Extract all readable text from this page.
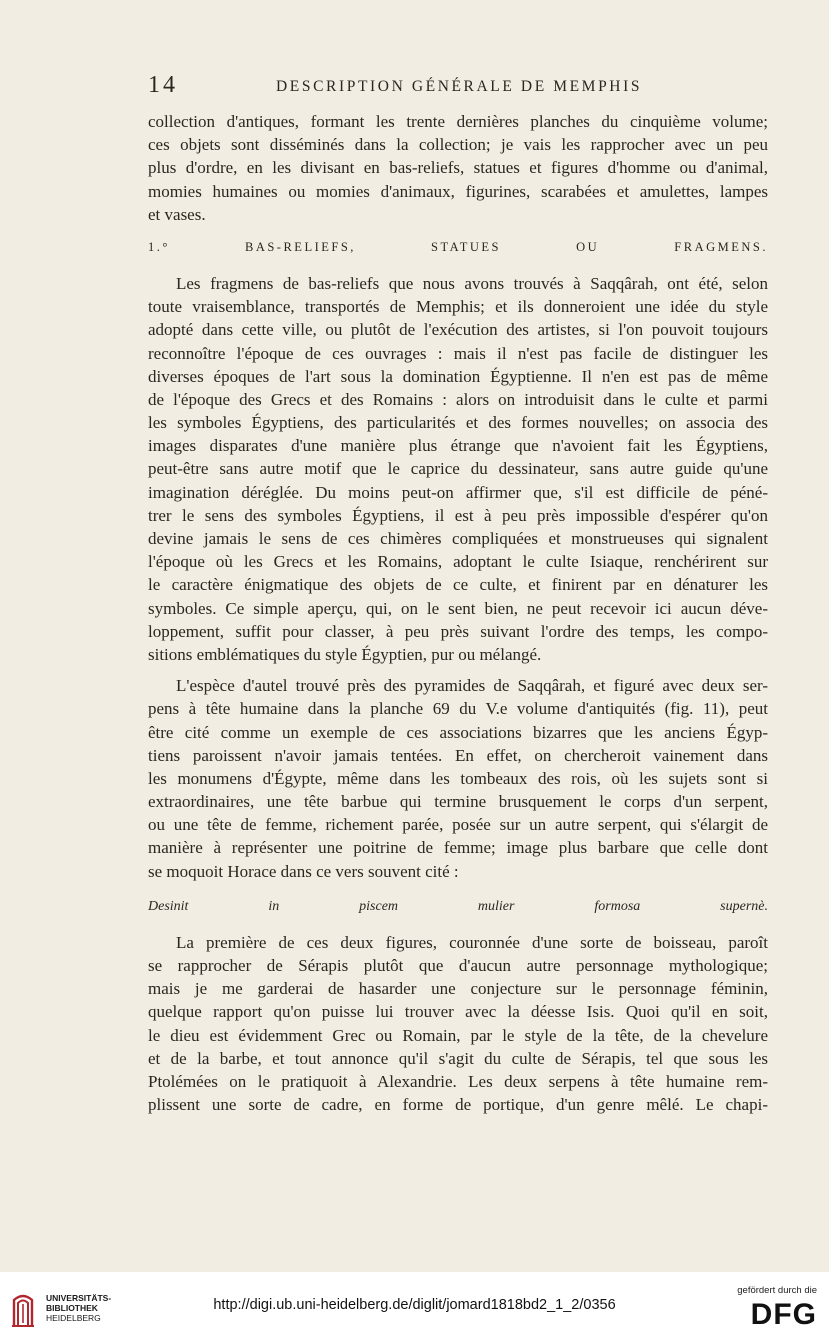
14	DESCRIPTION GÉNÉRALE DE MEMPHIS
collection d'antiques, formant les trente dernières planches du cinquième volume;
ces objets sont disséminés dans la collection; je vais les rapprocher avec un peu
plus d'ordre, en les divisant en bas-reliefs, statues et figures d'homme ou d'animal,
momies humaines ou momies d'animaux, figurines, scarabées et amulettes, lampes
et vases.
1.° BAS-RELIEFS, STATUES OU FRAGMENS.
Les fragmens de bas-reliefs que nous avons trouvés à Saqqârah, ont été, selon
toute vraisemblance, transportés de Memphis; et ils donneroient une idée du style
adopté dans cette ville, ou plutôt de l'exécution des artistes, si l'on pouvoit toujours
reconnoître l'époque de ces ouvrages : mais il n'est pas facile de distinguer les
diverses époques de l'art sous la domination Égyptienne. Il n'en est pas de même
de l'époque des Grecs et des Romains : alors on introduisit dans le culte et parmi
les symboles Égyptiens, des particularités et des formes nouvelles; on associa des
images disparates d'une manière plus étrange que n'avoient fait les Égyptiens,
peut-être sans autre motif que le caprice du dessinateur, sans autre guide qu'une
imagination déréglée. Du moins peut-on affirmer que, s'il est difficile de péné-
trer le sens des symboles Égyptiens, il est à peu près impossible d'espérer qu'on
devine jamais le sens de ces chimères compliquées et monstrueuses qui signalent
l'époque où les Grecs et les Romains, adoptant le culte Isiaque, renchérirent sur
le caractère énigmatique des objets de ce culte, et finirent par en dénaturer les
symboles. Ce simple aperçu, qui, on le sent bien, ne peut recevoir ici aucun déve-
loppement, suffit pour classer, à peu près suivant l'ordre des temps, les compo-
sitions emblématiques du style Égyptien, pur ou mélangé.
L'espèce d'autel trouvé près des pyramides de Saqqârah, et figuré avec deux ser-
pens à tête humaine dans la planche 69 du V.e volume d'antiquités (fig. 11), peut
être cité comme un exemple de ces associations bizarres que les anciens Égyp-
tiens paroissent n'avoir jamais tentées. En effet, on chercheroit vainement dans
les monumens d'Égypte, même dans les tombeaux des rois, où les sujets sont si
extraordinaires, une tête barbue qui termine brusquement le corps d'un serpent,
ou une tête de femme, richement parée, posée sur un autre serpent, qui s'élargit de
manière à représenter une poitrine de femme; image plus barbare que celle dont
se moquoit Horace dans ce vers souvent cité :
Desinit in piscem mulier formosa supernè.
La première de ces deux figures, couronnée d'une sorte de boisseau, paroît
se rapprocher de Sérapis plutôt que d'aucun autre personnage mythologique;
mais je me garderai de hasarder une conjecture sur le personnage féminin,
quelque rapport qu'on puisse lui trouver avec la déesse Isis. Quoi qu'il en soit,
le dieu est évidemment Grec ou Romain, par le style de la tête, de la chevelure
et de la barbe, et tout annonce qu'il s'agit du culte de Sérapis, tel que sous les
Ptolémées on le pratiquoit à Alexandrie. Les deux serpens à tête humaine rem-
plissent une sorte de cadre, en forme de portique, d'un genre mêlé. Le chapi-
UNIVERSITÄTS-
BIBLIOTHEK
HEIDELBERG
http://digi.ub.uni-heidelberg.de/diglit/jomard1818bd2_1_2/0356
gefördert durch die
DFG
